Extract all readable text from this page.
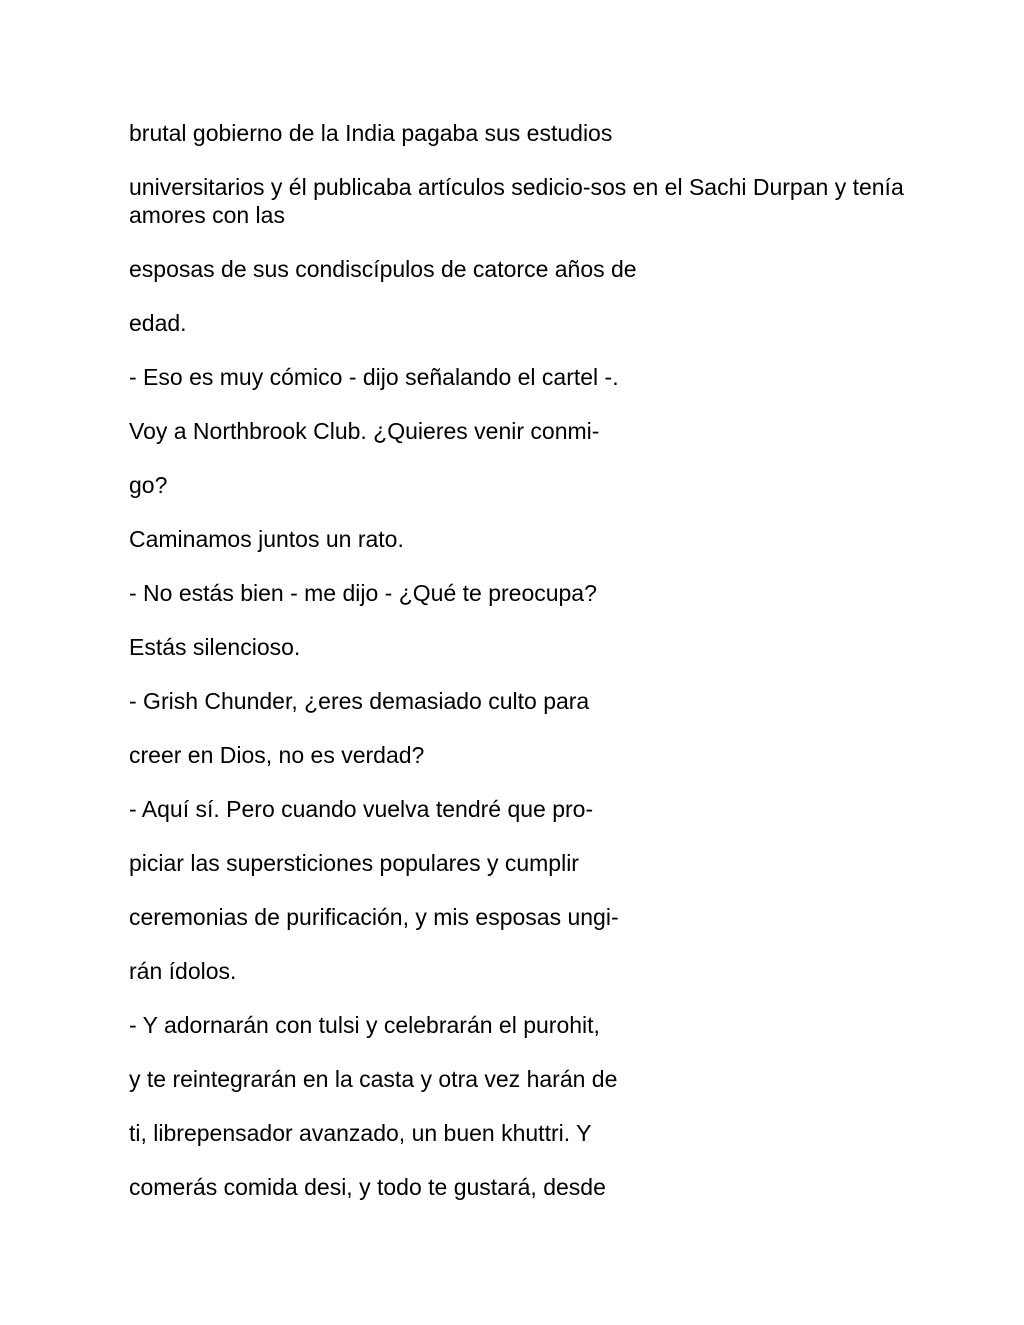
brutal gobierno de la India pagaba sus estudios

universitarios y él publicaba artículos sedicio-sos en el Sachi Durpan y tenía amores con las

esposas de sus condiscípulos de catorce años de

edad.

- Eso es muy cómico - dijo señalando el cartel -.

Voy a Northbrook Club. ¿Quieres venir conmi-

go?

Caminamos juntos un rato.

- No estás bien - me dijo - ¿Qué te preocupa?

Estás silencioso.

- Grish Chunder, ¿eres demasiado culto para

creer en Dios, no es verdad?

- Aquí sí. Pero cuando vuelva tendré que pro-

piciar las supersticiones populares y cumplir

ceremonias de purificación, y mis esposas ungi-

rán ídolos.

- Y adornarán con tulsi y celebrarán el purohit,

y te reintegrarán en la casta y otra vez harán de

ti, librepensador avanzado, un buen khuttri. Y

comerás comida desi, y todo te gustará, desde
